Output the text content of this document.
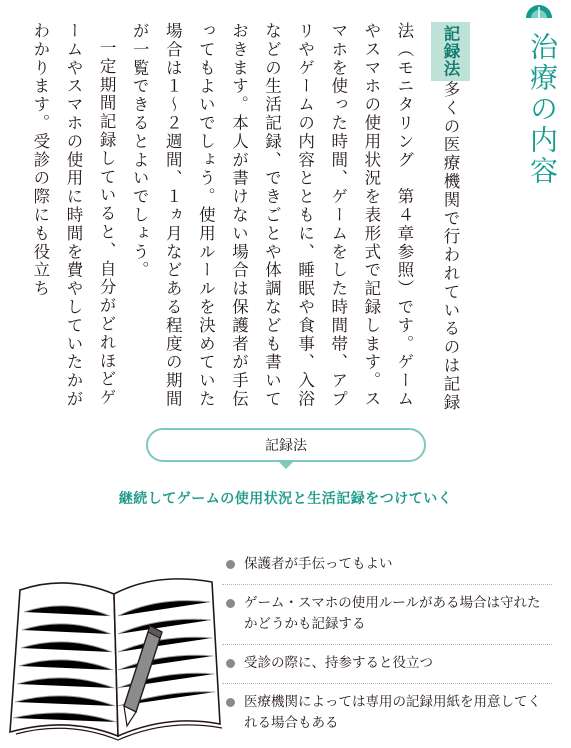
治療の内容
記録法多くの医療機関で行われているのは記録法（モニタリング　第４章参照）です。ゲームやスマホの使用状況を表形式で記録します。スマホを使った時間、ゲームをした時間帯、アプリやゲームの内容とともに、睡眠や食事、入浴などの生活記録、できごとや体調なども書いておきます。本人が書けない場合は保護者が手伝ってもよいでしょう。使用ルールを決めていた場合は１～２週間、１ヵ月などある程度の期間が一覧できるとよいでしょう。

一定期間記録していると、自分がどれほどゲームやスマホの使用に時間を費やしていたかがわかります。受診の際にも役立ち

記録法
継続してゲームの使用状況と生活記録をつけていく
保護者が手伝ってもよい
ゲーム・スマホの使用ルールがある場合は守れたかどうかも記録する
受診の際に、持参すると役立つ
医療機関によっては専用の記録用紙を用意してくれる場合もある
